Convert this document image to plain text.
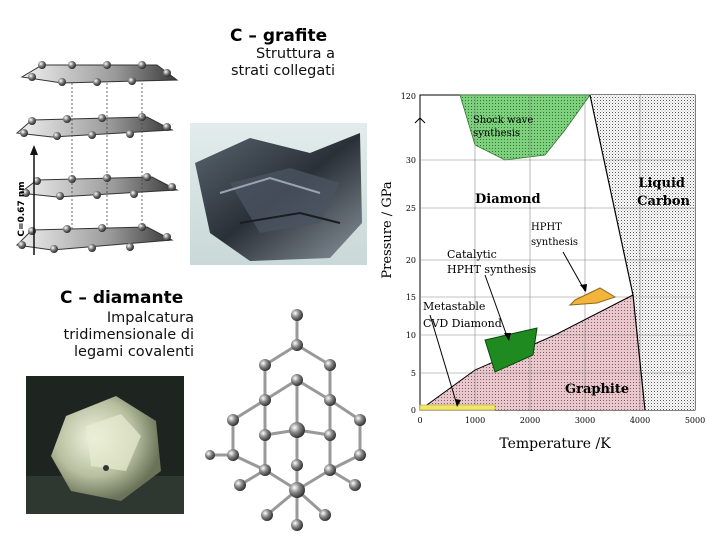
C – grafite
Struttura a
strati collegati
C=0.67 nm
C – diamante
Impalcatura
tridimensionale di
legami covalenti
0
5
10
15
20
25
30
120
0	1000	2000	3000	4000	5000
Temperature /K
Pressure / GPa
Shock wave
synthesis
Diamond
Liquid
Carbon
HPHT
synthesis
Catalytic
HPHT synthesis
Metastable
CVD Diamond
Graphite
